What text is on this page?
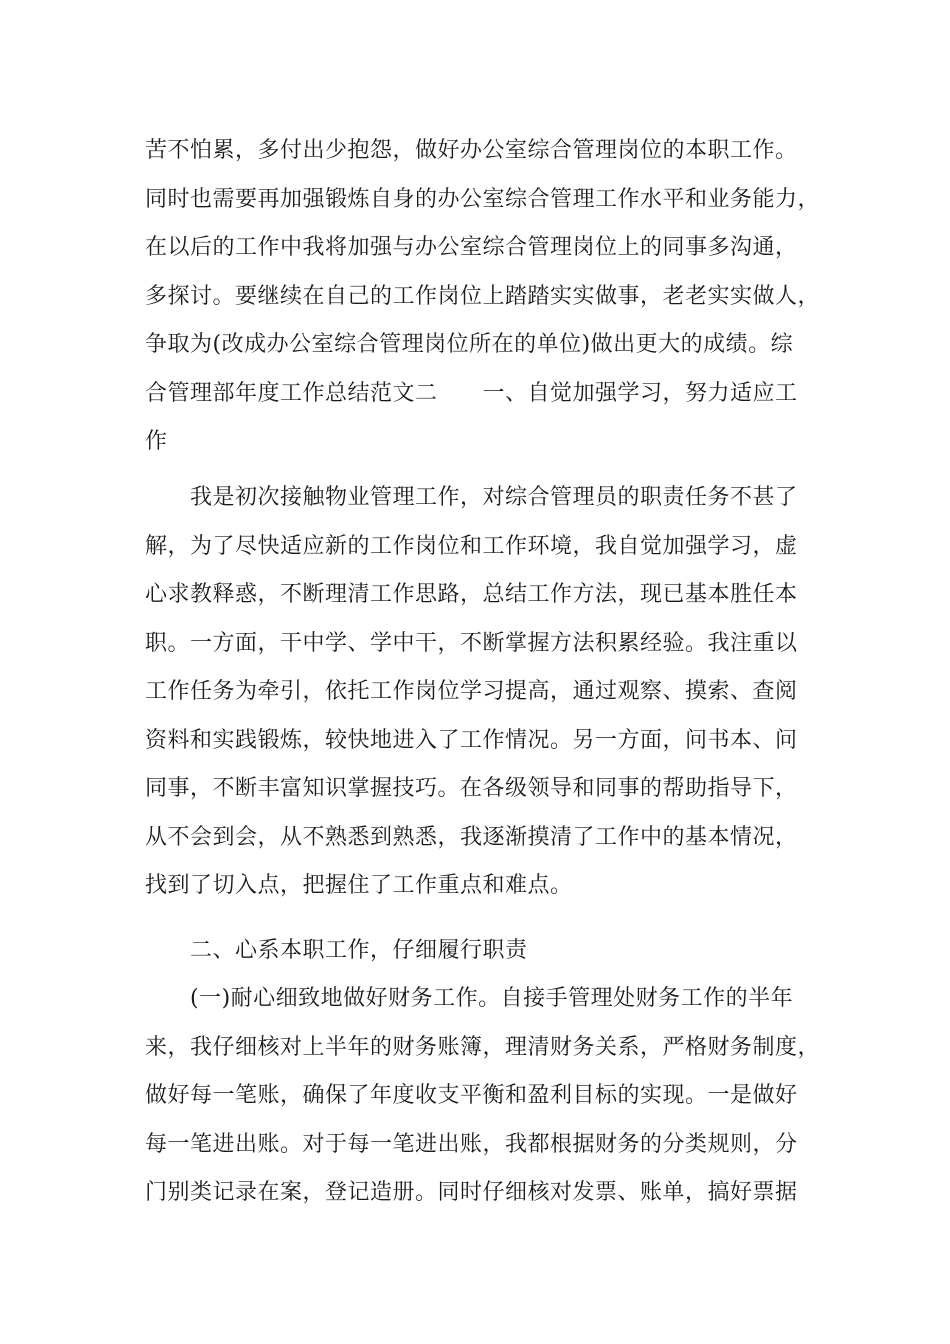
苦不怕累，多付出少抱怨，做好办公室综合管理岗位的本职工作。
同时也需要再加强锻炼自身的办公室综合管理工作水平和业务能力，
在以后的工作中我将加强与办公室综合管理岗位上的同事多沟通，
多探讨。要继续在自己的工作岗位上踏踏实实做事，老老实实做人，
争取为(改成办公室综合管理岗位所在的单位)做出更大的成绩。综
合管理部年度工作总结范文二　　一、自觉加强学习，努力适应工
作
我是初次接触物业管理工作，对综合管理员的职责任务不甚了
解，为了尽快适应新的工作岗位和工作环境，我自觉加强学习，虚
心求教释惑，不断理清工作思路，总结工作方法，现已基本胜任本
职。一方面，干中学、学中干，不断掌握方法积累经验。我注重以
工作任务为牵引，依托工作岗位学习提高，通过观察、摸索、查阅
资料和实践锻炼，较快地进入了工作情况。另一方面，问书本、问
同事，不断丰富知识掌握技巧。在各级领导和同事的帮助指导下，
从不会到会，从不熟悉到熟悉，我逐渐摸清了工作中的基本情况，
找到了切入点，把握住了工作重点和难点。
二、心系本职工作，仔细履行职责
(一)耐心细致地做好财务工作。自接手管理处财务工作的半年
来，我仔细核对上半年的财务账簿，理清财务关系，严格财务制度，
做好每一笔账，确保了年度收支平衡和盈利目标的实现。一是做好
每一笔进出账。对于每一笔进出账，我都根据财务的分类规则，分
门别类记录在案，登记造册。同时仔细核对发票、账单，搞好票据
